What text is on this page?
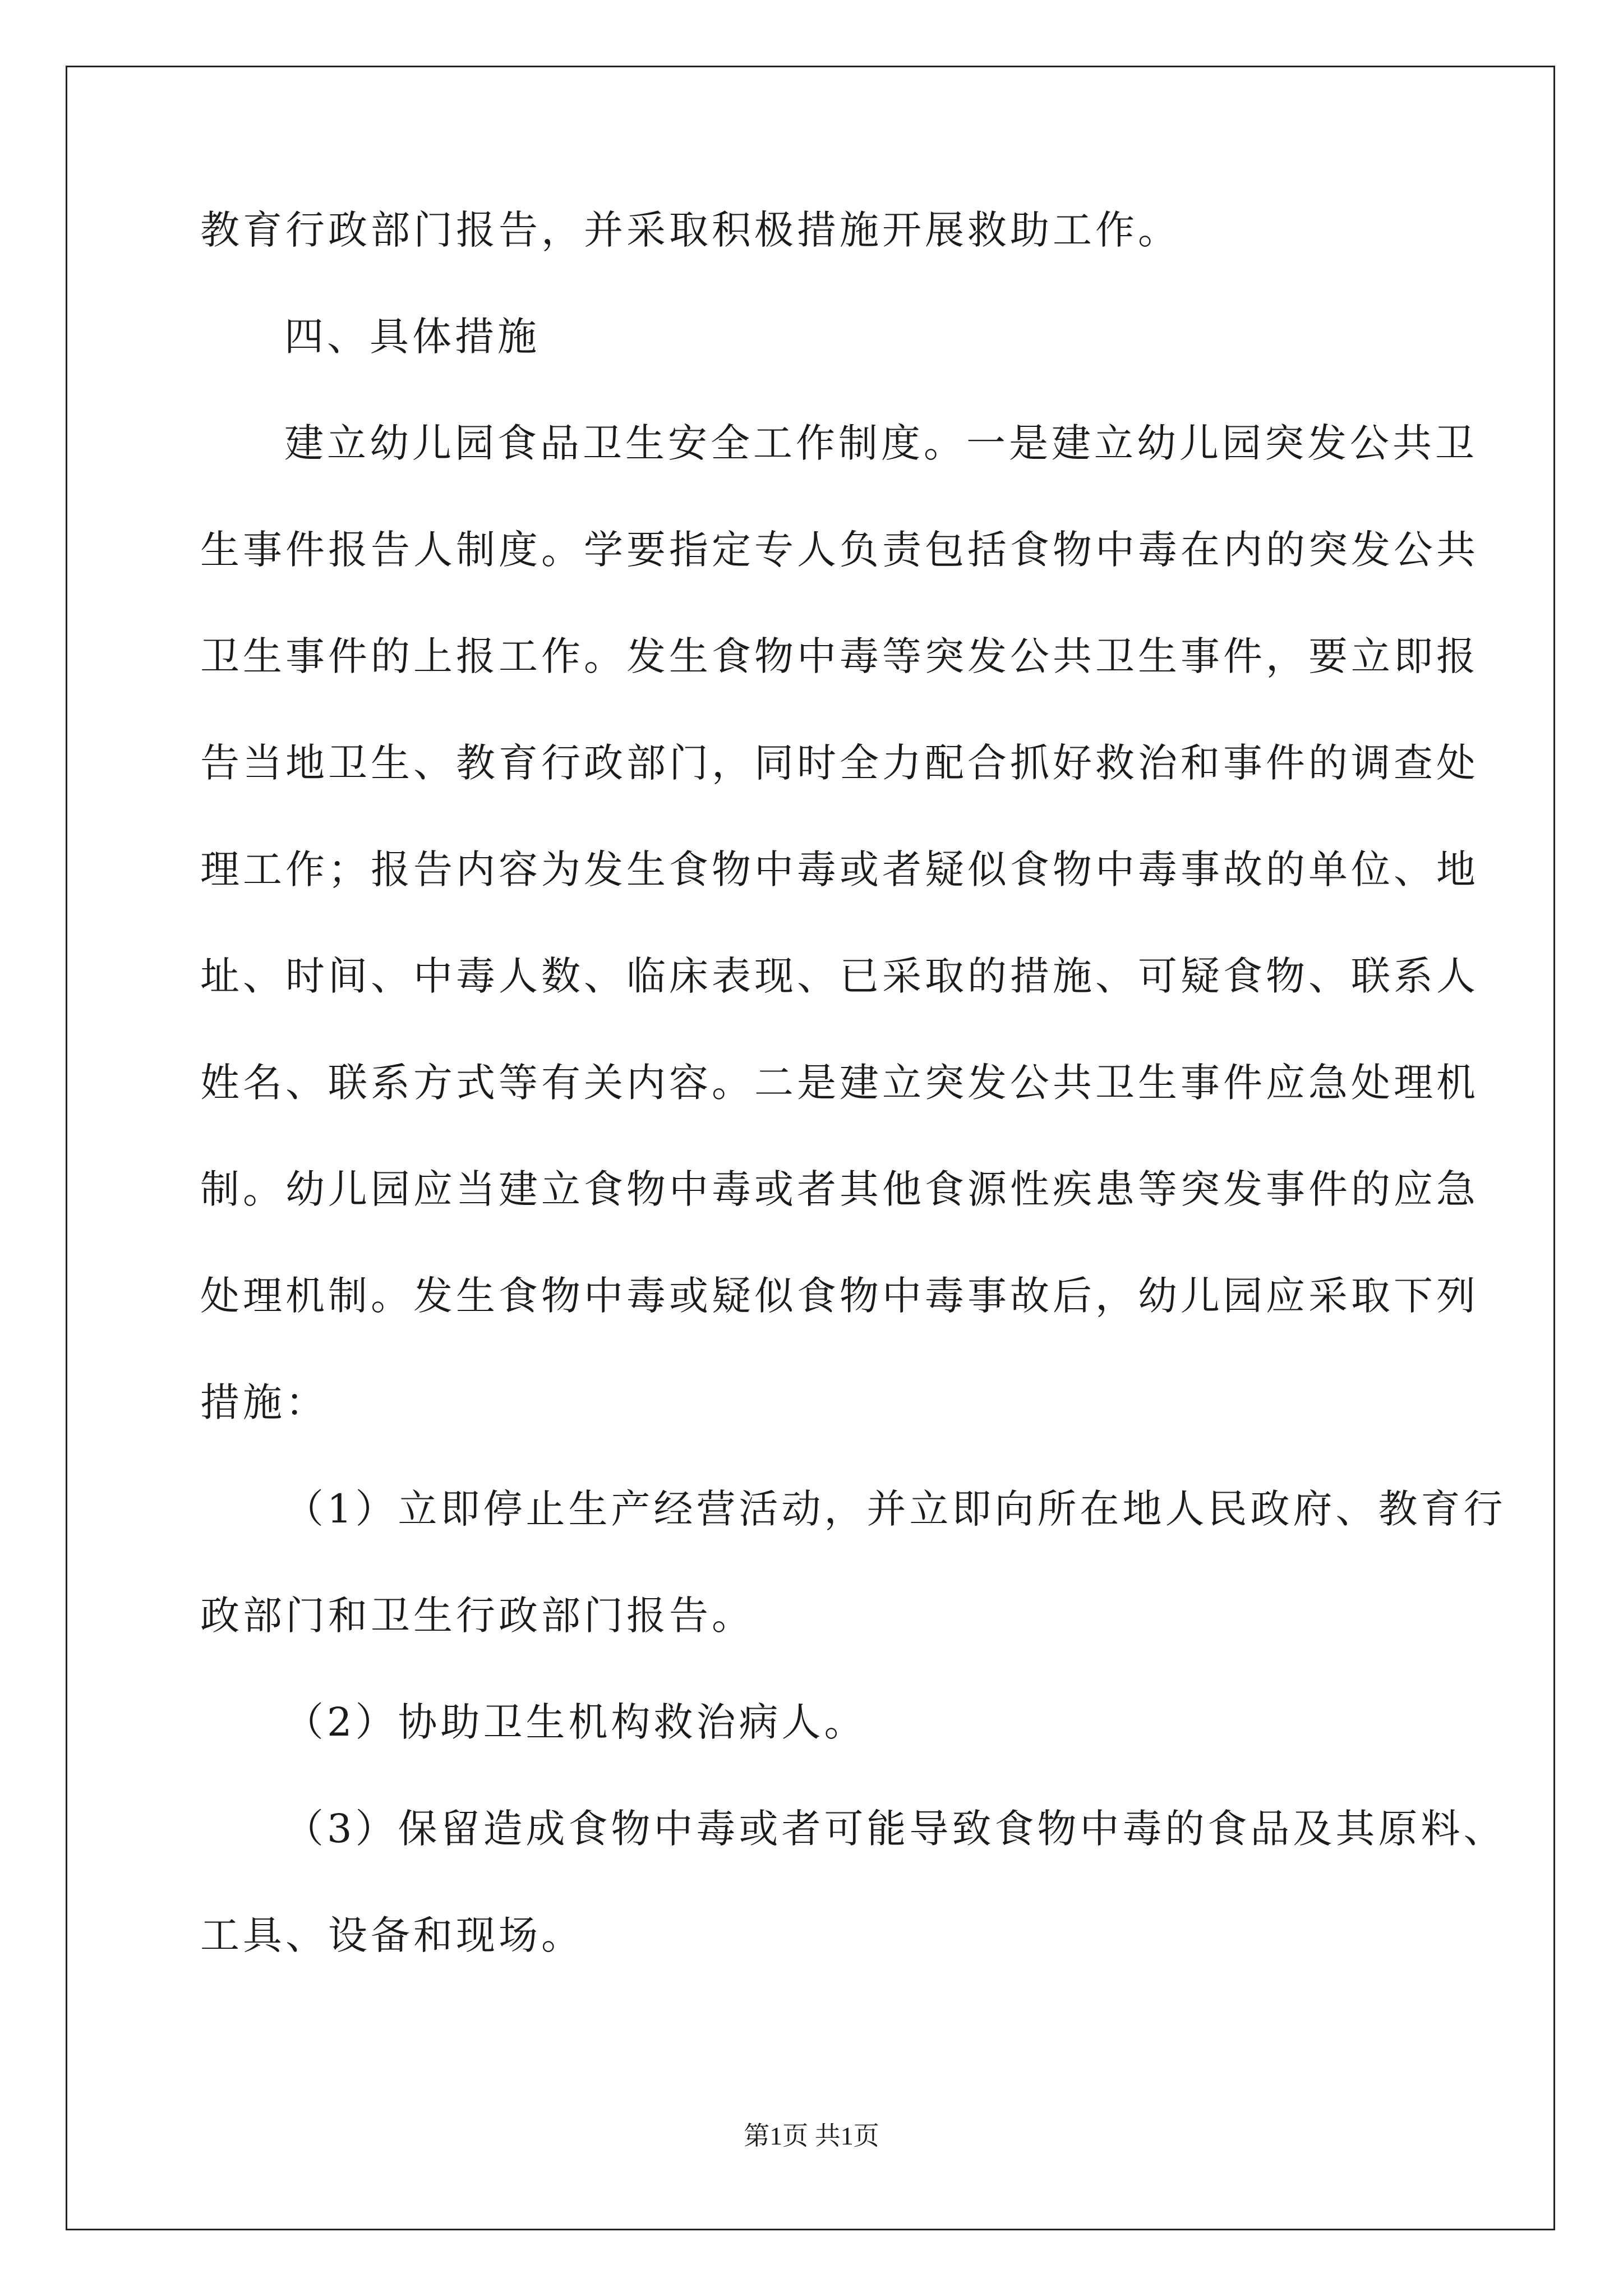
教育行政部门报告，并采取积极措施开展救助工作。
四、具体措施
建立幼儿园食品卫生安全工作制度。一是建立幼儿园突发公共卫
生事件报告人制度。学要指定专人负责包括食物中毒在内的突发公共
卫生事件的上报工作。发生食物中毒等突发公共卫生事件，要立即报
告当地卫生、教育行政部门，同时全力配合抓好救治和事件的调查处
理工作；报告内容为发生食物中毒或者疑似食物中毒事故的单位、地
址、时间、中毒人数、临床表现、已采取的措施、可疑食物、联系人
姓名、联系方式等有关内容。二是建立突发公共卫生事件应急处理机
制。幼儿园应当建立食物中毒或者其他食源性疾患等突发事件的应急
处理机制。发生食物中毒或疑似食物中毒事故后，幼儿园应采取下列
措施：
（1）立即停止生产经营活动，并立即向所在地人民政府、教育行
政部门和卫生行政部门报告。
（2）协助卫生机构救治病人。
（3）保留造成食物中毒或者可能导致食物中毒的食品及其原料、
工具、设备和现场。
第1页 共1页
